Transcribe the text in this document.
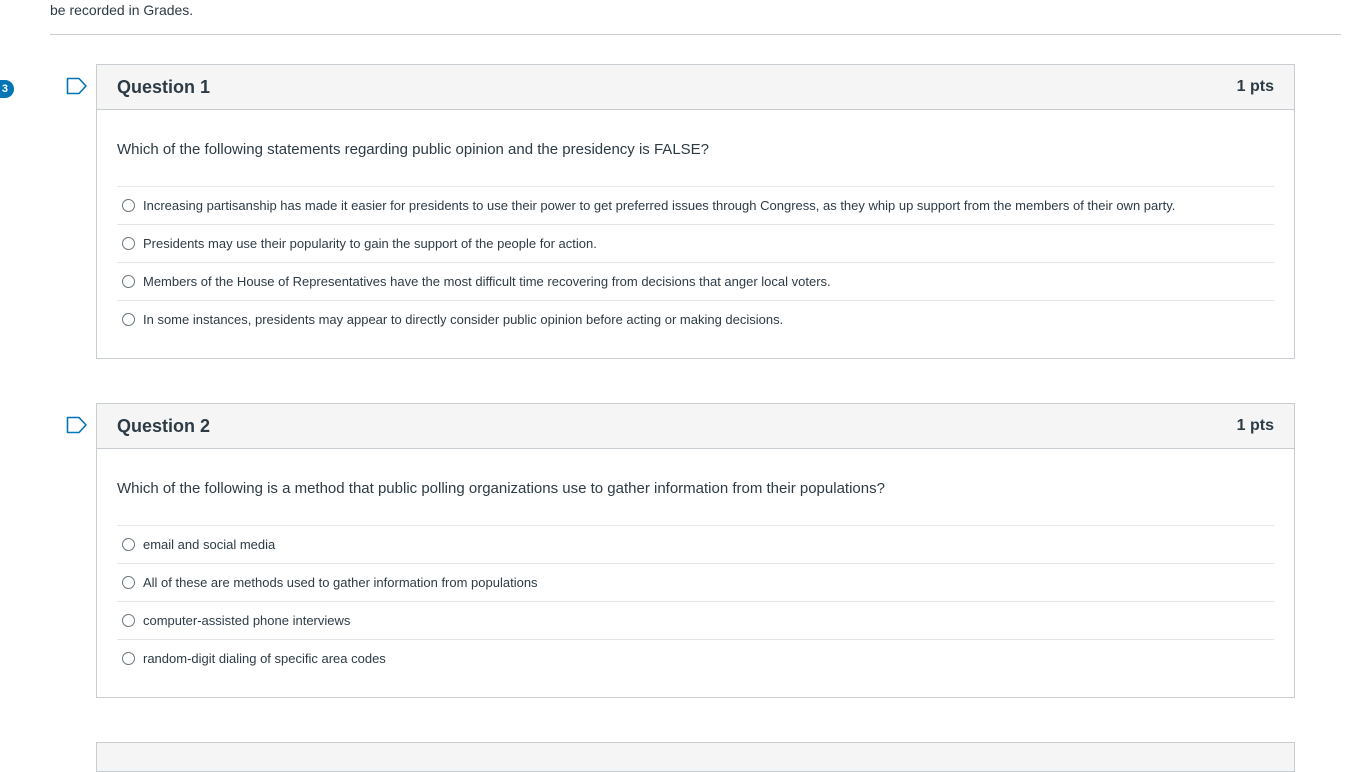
be recorded in Grades.
3	Question 1	1 pts
Which of the following statements regarding public opinion and the presidency is FALSE?
Increasing partisanship has made it easier for presidents to use their power to get preferred issues through Congress, as they whip up support from the members of their own party.
Presidents may use their popularity to gain the support of the people for action.
Members of the House of Representatives have the most difficult time recovering from decisions that anger local voters.
In some instances, presidents may appear to directly consider public opinion before acting or making decisions.
Question 2	1 pts
Which of the following is a method that public polling organizations use to gather information from their populations?
email and social media
All of these are methods used to gather information from populations
computer-assisted phone interviews
random-digit dialing of specific area codes
